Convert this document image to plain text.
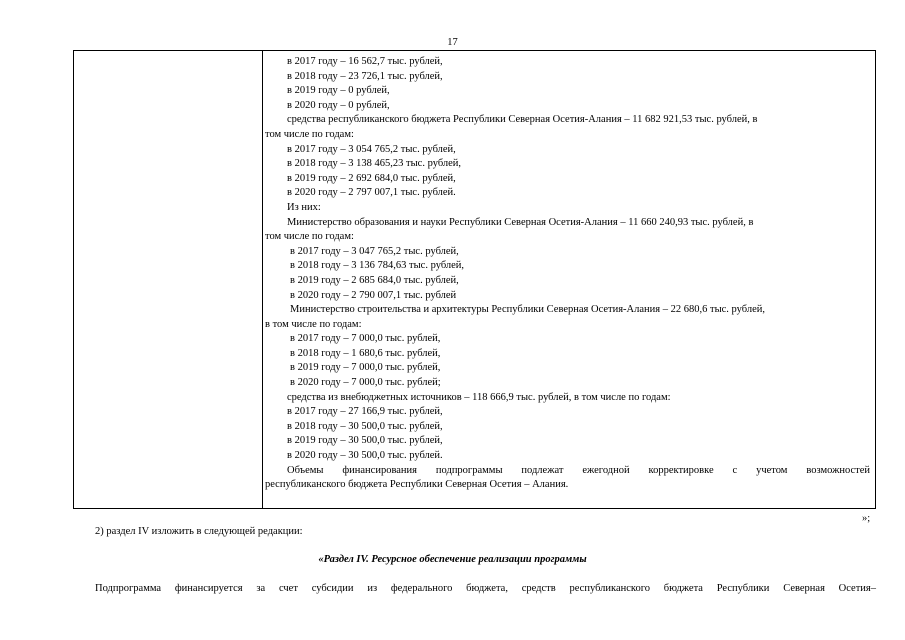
17
в 2017 году – 16 562,7 тыс. рублей,
в 2018 году – 23 726,1 тыс. рублей,
в 2019 году – 0 рублей,
в 2020 году – 0 рублей,
средства республиканского бюджета Республики Северная Осетия-Алания – 11 682 921,53 тыс. рублей, в
том числе по годам:
в 2017 году – 3 054 765,2 тыс. рублей,
в 2018 году – 3 138 465,23 тыс. рублей,
в 2019 году – 2 692 684,0 тыс. рублей,
в 2020 году – 2 797 007,1 тыс. рублей.
Из них:
Министерство образования и науки Республики Северная Осетия-Алания – 11 660 240,93 тыс. рублей, в
том числе по годам:
в 2017 году – 3 047 765,2 тыс. рублей,
в 2018 году – 3 136 784,63 тыс. рублей,
в 2019 году – 2 685 684,0 тыс. рублей,
в 2020 году – 2 790 007,1 тыс. рублей
Министерство строительства и архитектуры Республики Северная Осетия-Алания – 22 680,6 тыс. рублей,
в том числе по годам:
в 2017 году – 7 000,0 тыс. рублей,
в 2018 году – 1 680,6 тыс. рублей,
в 2019 году – 7 000,0 тыс. рублей,
в 2020 году – 7 000,0 тыс. рублей;
средства из внебюджетных источников – 118 666,9 тыс. рублей, в том числе по годам:
в 2017 году – 27 166,9 тыс. рублей,
в 2018 году – 30 500,0 тыс. рублей,
в 2019 году – 30 500,0 тыс. рублей,
в 2020 году – 30 500,0 тыс. рублей.
Объемы финансирования подпрограммы подлежат ежегодной корректировке с учетом возможностей
республиканского бюджета Республики Северная Осетия – Алания.
»;
2) раздел IV изложить в следующей редакции:
«Раздел IV. Ресурсное обеспечение реализации программы
Подпрограмма финансируется за счет субсидии из федерального бюджета, средств республиканского бюджета Республики Северная Осетия–
